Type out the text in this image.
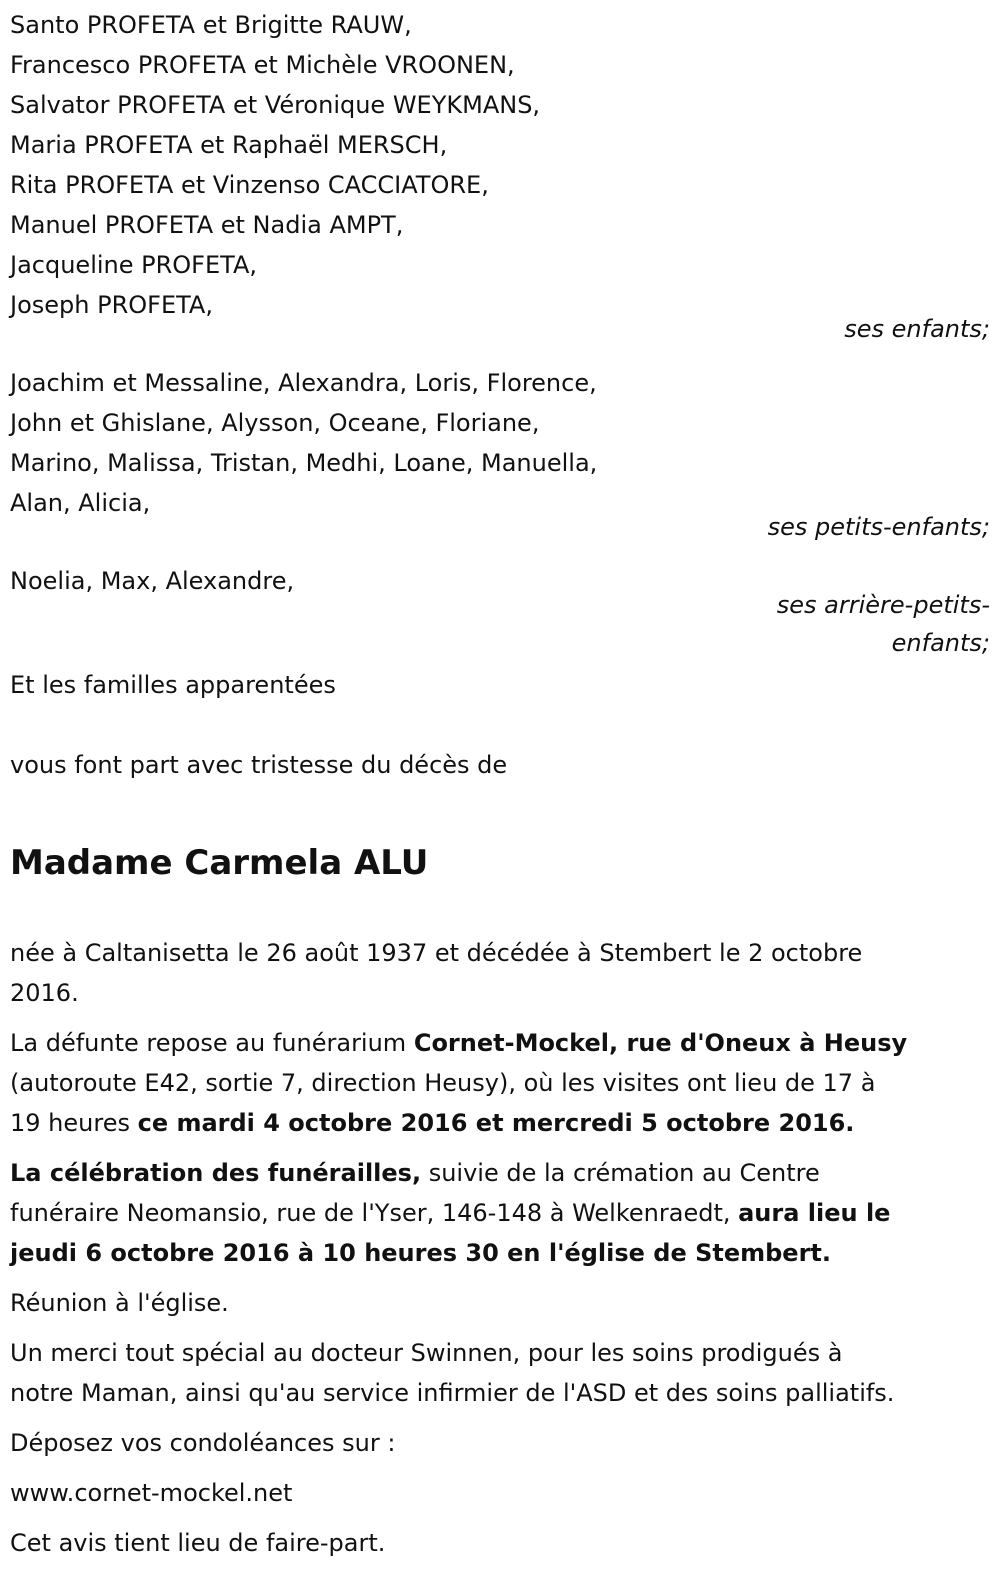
Santo PROFETA et Brigitte RAUW,
Francesco PROFETA et Michèle VROONEN,
Salvator PROFETA et Véronique WEYKMANS,
Maria PROFETA et Raphaël MERSCH,
Rita PROFETA et Vinzenso CACCIATORE,
Manuel PROFETA et Nadia AMPT,
Jacqueline PROFETA,
Joseph PROFETA,
ses enfants;
Joachim et Messaline, Alexandra, Loris, Florence,
John et Ghislane, Alysson, Oceane, Floriane,
Marino, Malissa, Tristan, Medhi, Loane, Manuella,
Alan, Alicia,
ses petits-enfants;
Noelia, Max, Alexandre,
ses arrière-petits-
enfants;
Et les familles apparentées
vous font part avec tristesse du décès de
Madame Carmela ALU
née à Caltanisetta le 26 août 1937 et décédée à Stembert le 2 octobre
2016.
La défunte repose au funérarium Cornet-Mockel, rue d'Oneux à Heusy
(autoroute E42, sortie 7, direction Heusy), où les visites ont lieu de 17 à
19 heures ce mardi 4 octobre 2016 et mercredi 5 octobre 2016.
La célébration des funérailles, suivie de la crémation au Centre
funéraire Neomansio, rue de l'Yser, 146-148 à Welkenraedt, aura lieu le
jeudi 6 octobre 2016 à 10 heures 30 en l'église de Stembert.
Réunion à l'église.
Un merci tout spécial au docteur Swinnen, pour les soins prodigués à
notre Maman, ainsi qu'au service infirmier de l'ASD et des soins palliatifs.
Déposez vos condoléances sur :
www.cornet-mockel.net
Cet avis tient lieu de faire-part.
